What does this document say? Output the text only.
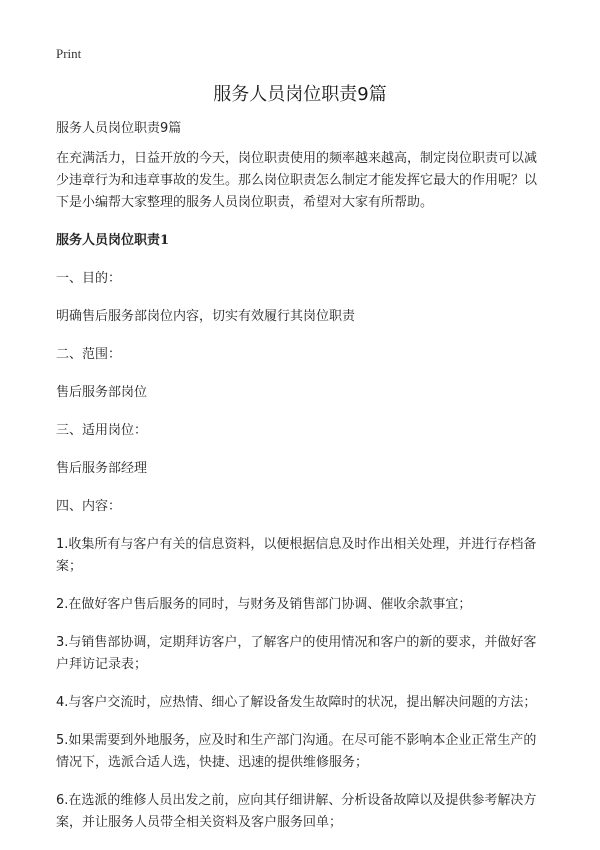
Print
服务人员岗位职责9篇

服务人员岗位职责9篇

在充满活力，日益开放的今天，岗位职责使用的频率越来越高，制定岗位职责可以减少违章行为和违章事故的发生。那么岗位职责怎么制定才能发挥它最大的作用呢？以下是小编帮大家整理的服务人员岗位职责，希望对大家有所帮助。

服务人员岗位职责1

一、目的：

明确售后服务部岗位内容，切实有效履行其岗位职责

二、范围：

售后服务部岗位

三、适用岗位：

售后服务部经理

四、内容：

1.收集所有与客户有关的信息资料，以便根据信息及时作出相关处理，并进行存档备案；

2.在做好客户售后服务的同时，与财务及销售部门协调、催收余款事宜；

3.与销售部协调，定期拜访客户，了解客户的使用情况和客户的新的要求，并做好客户拜访记录表；

4.与客户交流时，应热情、细心了解设备发生故障时的状况，提出解决问题的方法；

5.如果需要到外地服务，应及时和生产部门沟通。在尽可能不影响本企业正常生产的情况下，选派合适人选，快捷、迅速的提供维修服务；

6.在选派的维修人员出发之前，应向其仔细讲解、分析设备故障以及提供参考解决方案，并让服务人员带全相关资料及客户服务回单；
